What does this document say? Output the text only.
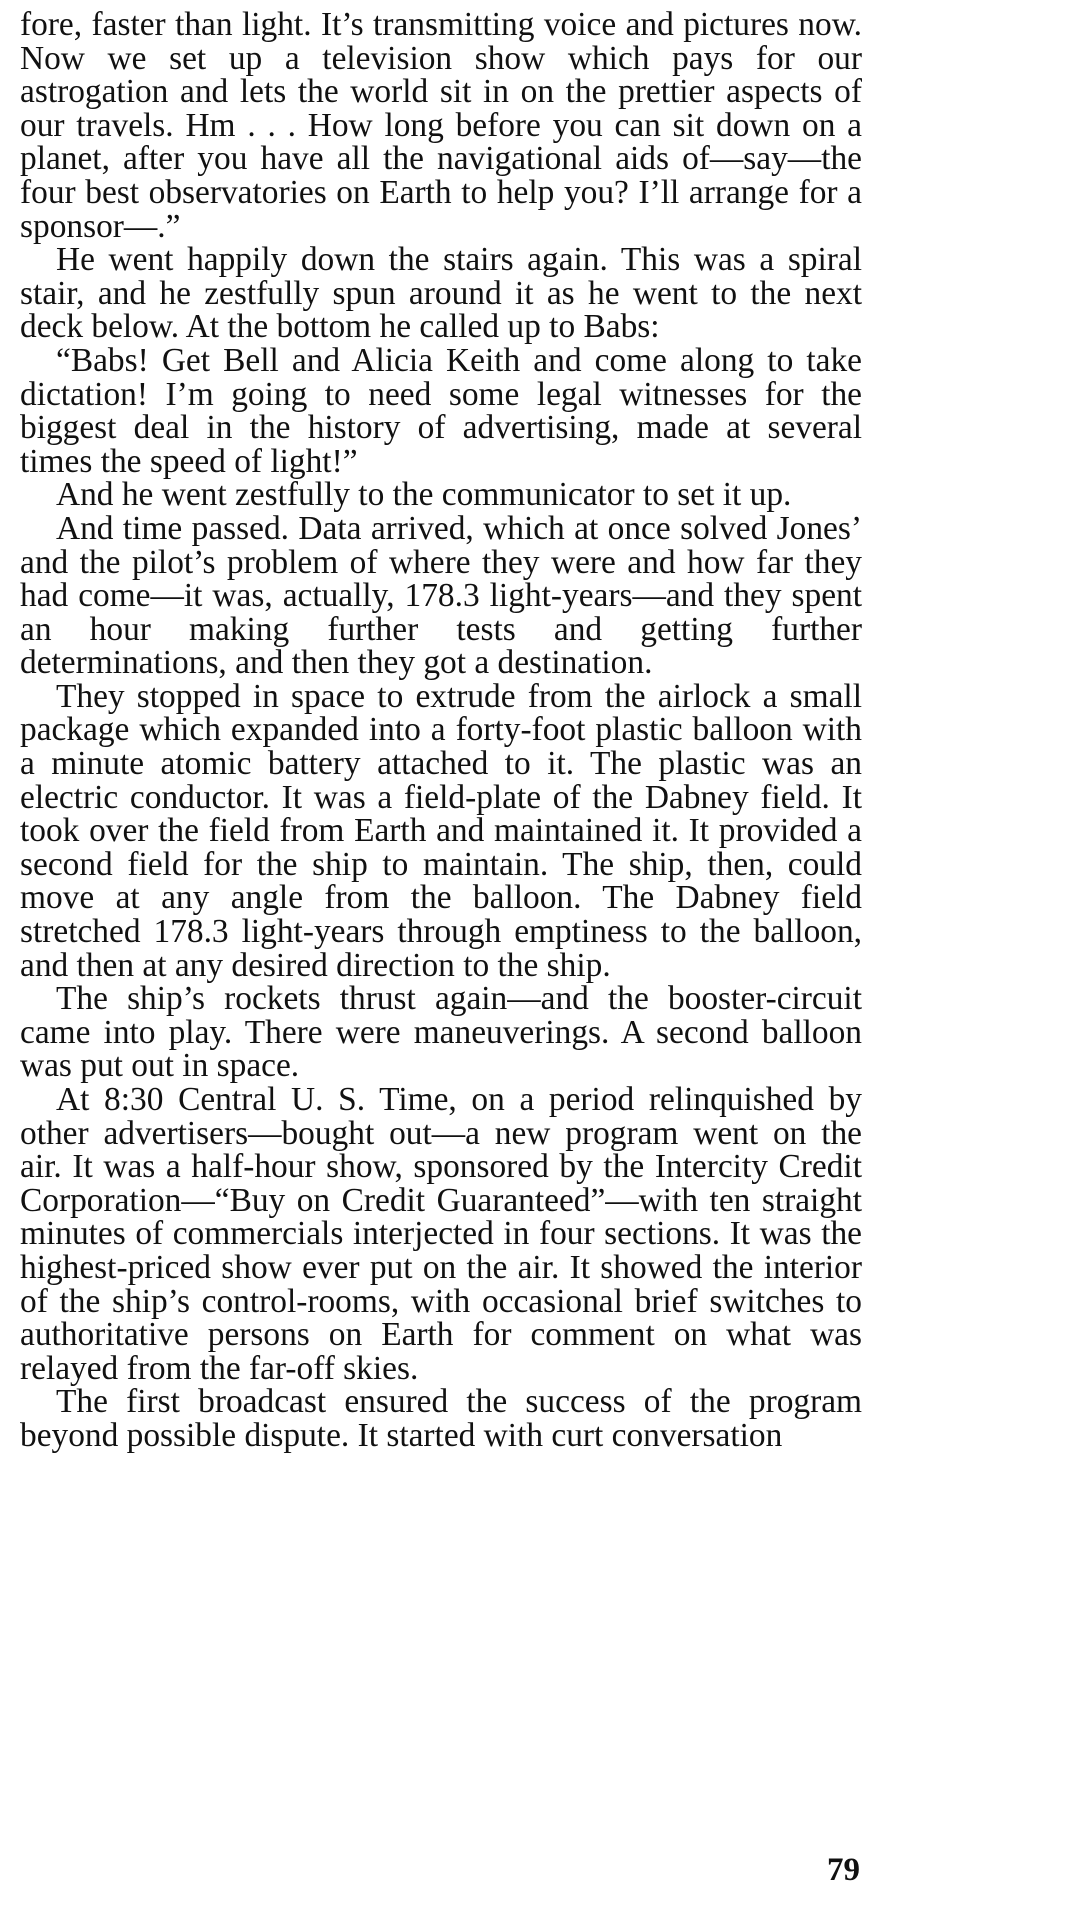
fore, faster than light. It’s transmitting voice and pictures now. Now we set up a television show which pays for our astrogation and lets the world sit in on the prettier aspects of our travels. Hm . . . How long before you can sit down on a planet, after you have all the navigational aids of—say—the four best observatories on Earth to help you? I’ll arrange for a sponsor—.”

He went happily down the stairs again. This was a spiral stair, and he zestfully spun around it as he went to the next deck below. At the bottom he called up to Babs:

“Babs! Get Bell and Alicia Keith and come along to take dictation! I’m going to need some legal witnesses for the biggest deal in the history of advertising, made at several times the speed of light!”

And he went zestfully to the communicator to set it up.

And time passed. Data arrived, which at once solved Jones’ and the pilot’s problem of where they were and how far they had come—it was, actually, 178.3 light-years—and they spent an hour making further tests and getting further determinations, and then they got a destination.

They stopped in space to extrude from the airlock a small package which expanded into a forty-foot plastic balloon with a minute atomic battery attached to it. The plastic was an electric conductor. It was a field-plate of the Dabney field. It took over the field from Earth and maintained it. It provided a second field for the ship to maintain. The ship, then, could move at any angle from the balloon. The Dabney field stretched 178.3 light-years through emptiness to the balloon, and then at any desired direction to the ship.

The ship’s rockets thrust again—and the booster-circuit came into play. There were maneuverings. A second balloon was put out in space.

At 8:30 Central U. S. Time, on a period relinquished by other advertisers—bought out—a new program went on the air. It was a half-hour show, sponsored by the Intercity Credit Corporation—“Buy on Credit Guaranteed”—with ten straight minutes of commercials interjected in four sections. It was the highest-priced show ever put on the air. It showed the interior of the ship’s control-rooms, with occasional brief switches to authoritative persons on Earth for comment on what was relayed from the far-off skies.

The first broadcast ensured the success of the program beyond possible dispute. It started with curt conversation

79
